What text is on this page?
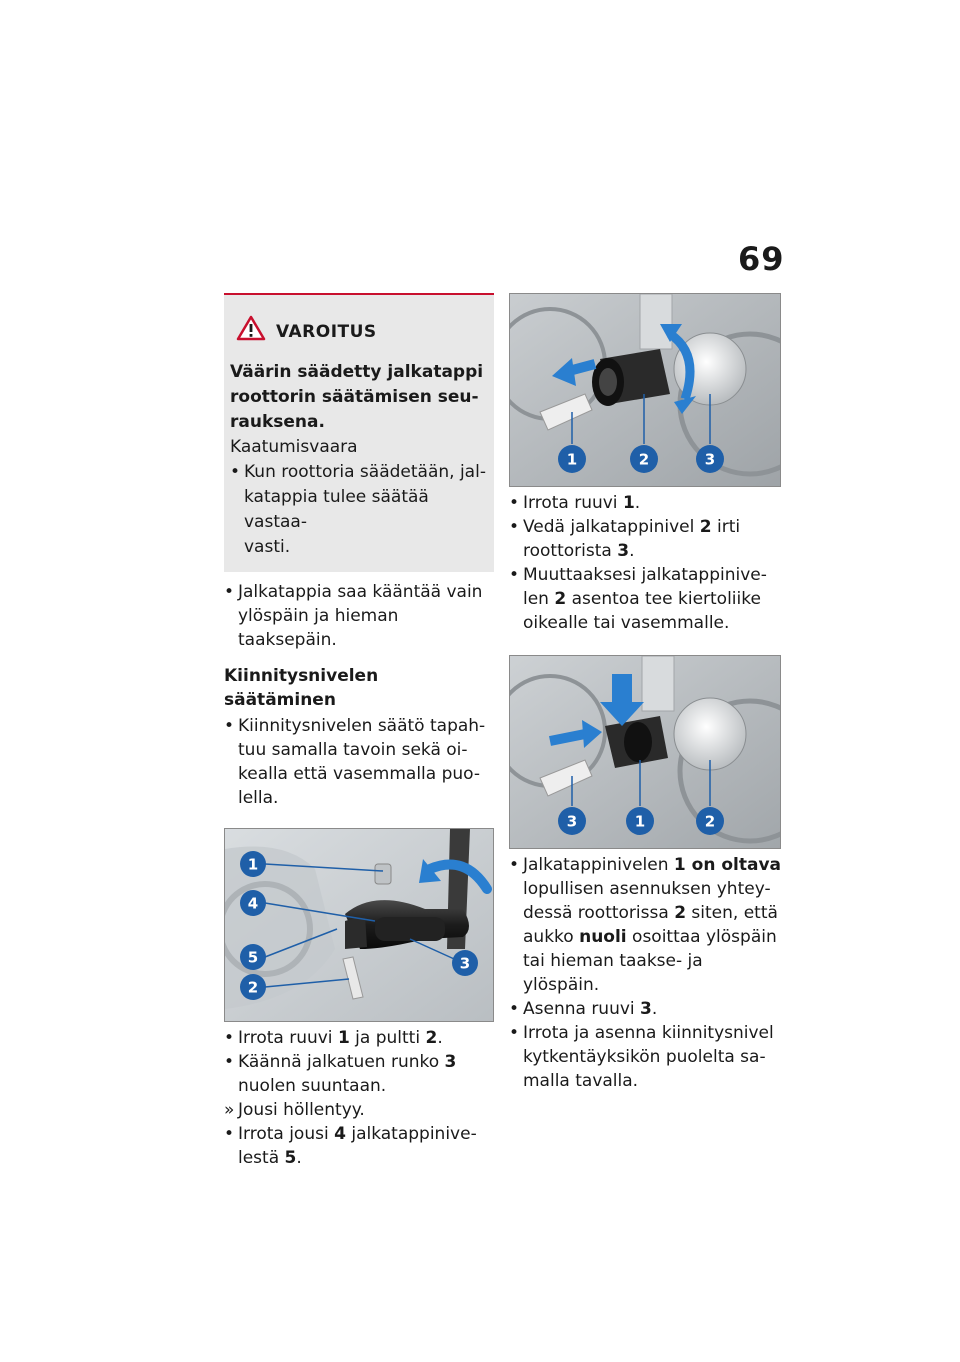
69
VAROITUS
Väärin säädetty jalkatappi
roottorin säätämisen seu-
rauksena.
Kaatumisvaara
• Kun roottoria säädetään, jal-
katappia tulee säätää vastaa-
vasti.
• Jalkatappia saa kääntää vain
ylöspäin ja hieman taaksepäin.
Kiinnitysnivelen säätäminen
• Kiinnitysnivelen säätö tapah-
tuu samalla tavoin sekä oi-
kealla että vasemmalla puo-
lella.
1
4
5
2
3
• Irrota ruuvi 1 ja pultti 2.
• Käännä jalkatuen runko 3
nuolen suuntaan.
» Jousi höllentyy.
• Irrota jousi 4 jalkatappinive-
lestä 5.
1	2	3
• Irrota ruuvi 1.
• Vedä jalkatappinivel 2 irti
roottorista 3.
• Muuttaaksesi jalkatappinive-
len 2 asentoa tee kiertoliike
oikealle tai vasemmalle.
3	1	2
• Jalkatappinivelen 1 on oltava
lopullisen asennuksen yhtey-
dessä roottorissa 2 siten, että
aukko nuoli osoittaa ylöspäin
tai hieman taakse- ja ylöspäin.
• Asenna ruuvi 3.
• Irrota ja asenna kiinnitysnivel
kytkentäyksikön puolelta sa-
malla tavalla.
